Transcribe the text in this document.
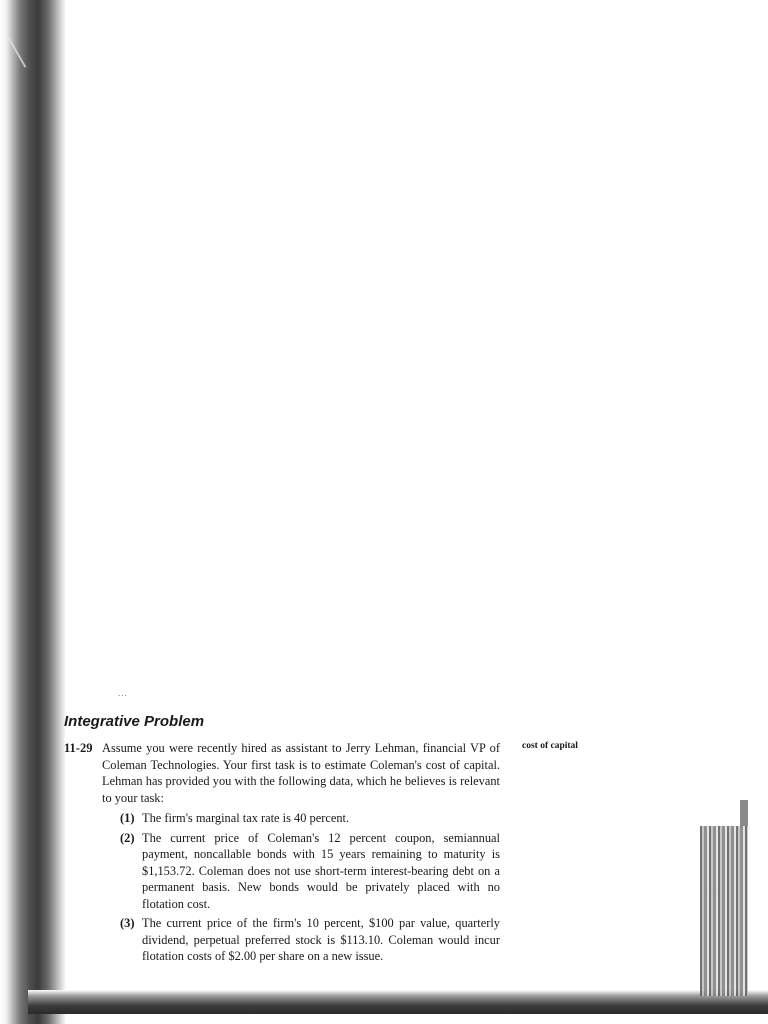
...
Integrative Problem
11-29 Assume you were recently hired as assistant to Jerry Lehman, financial VP of Coleman Technologies. Your first task is to estimate Coleman's cost of capital. Lehman has provided you with the following data, which he believes is relevant to your task:

(1) The firm's marginal tax rate is 40 percent.
(2) The current price of Coleman's 12 percent coupon, semiannual payment, noncallable bonds with 15 years remaining to maturity is $1,153.72. Coleman does not use short-term interest-bearing debt on a permanent basis. New bonds would be privately placed with no flotation cost.
(3) The current price of the firm's 10 percent, $100 par value, quarterly dividend, perpetual preferred stock is $113.10. Coleman would incur flotation costs of $2.00 per share on a new issue.
cost of capital
